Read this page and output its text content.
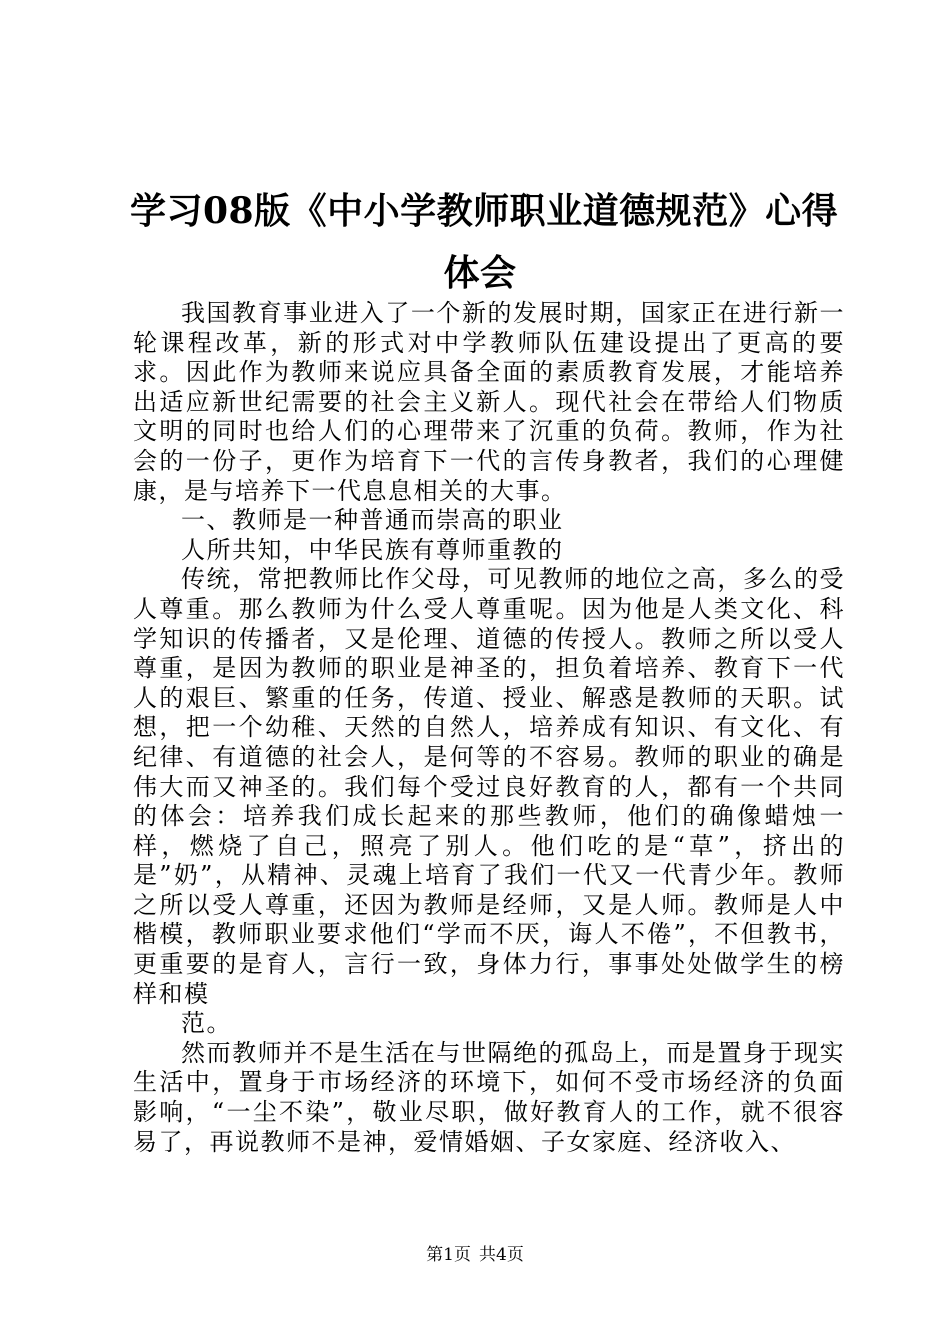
学习08版《中小学教师职业道德规范》心得
体会

我国教育事业进入了一个新的发展时期，国家正在进行新一轮课程改革，新的形式对中学教师队伍建设提出了更高的要求。因此作为教师来说应具备全面的素质教育发展，才能培养出适应新世纪需要的社会主义新人。现代社会在带给人们物质文明的同时也给人们的心理带来了沉重的负荷。教师，作为社会的一份子，更作为培育下一代的言传身教者，我们的心理健康，是与培养下一代息息相关的大事。

一、教师是一种普通而崇高的职业

人所共知，中华民族有尊师重教的

传统，常把教师比作父母，可见教师的地位之高，多么的受人尊重。那么教师为什么受人尊重呢。因为他是人类文化、科学知识的传播者，又是伦理、道德的传授人。教师之所以受人尊重，是因为教师的职业是神圣的，担负着培养、教育下一代人的艰巨、繁重的任务，传道、授业、解惑是教师的天职。试想，把一个幼稚、天然的自然人，培养成有知识、有文化、有纪律、有道德的社会人，是何等的不容易。教师的职业的确是伟大而又神圣的。我们每个受过良好教育的人，都有一个共同的体会：培养我们成长起来的那些教师，他们的确像蜡烛一样，燃烧了自己，照亮了别人。他们吃的是“草”，挤出的是”奶”，从精神、灵魂上培育了我们一代又一代青少年。教师之所以受人尊重，还因为教师是经师，又是人师。教师是人中楷模，教师职业要求他们“学而不厌，诲人不倦”，不但教书，更重要的是育人，言行一致，身体力行，事事处处做学生的榜样和模

范。

然而教师并不是生活在与世隔绝的孤岛上，而是置身于现实生活中，置身于市场经济的环境下，如何不受市场经济的负面影响，“一尘不染”，敬业尽职，做好教育人的工作，就不很容易了，再说教师不是神，爱情婚姻、子女家庭、经济收入、

第1页 共4页
